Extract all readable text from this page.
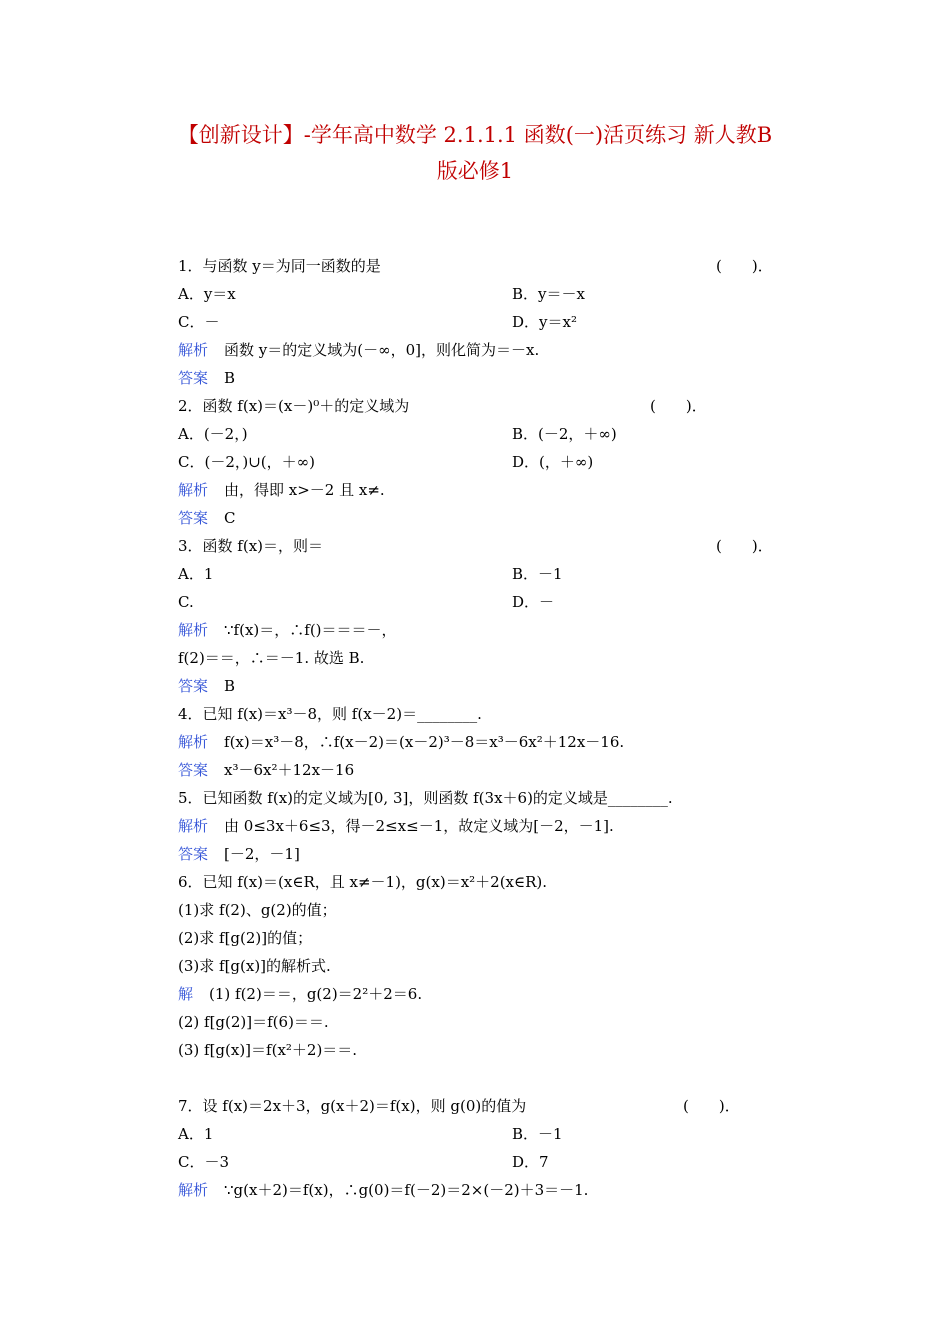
【创新设计】-学年高中数学 2.1.1.1 函数(一)活页练习 新人教B
版必修1
1．与函数 y＝为同一函数的是	(　　)．
A．y＝x	B．y＝－x
C．－	D．y＝x²
解析 函数 y＝的定义域为(－∞，0]，则化简为＝－x.
答案 B
2．函数 f(x)＝(x－)⁰＋的定义域为	(　　)．
A．(－2，)	B．(－2，＋∞)
C．(－2，)∪(，＋∞)	D．(，＋∞)
解析 由，得即 x>－2 且 x≠.
答案 C
3．函数 f(x)＝，则＝	(　　)．
A．1	B．－1
C.	D．－
解析 ∵f(x)＝，∴f()＝＝＝－，
f(2)＝＝，∴＝－1. 故选 B.
答案 B
4．已知 f(x)＝x³－8，则 f(x－2)＝________.
解析 f(x)＝x³－8，∴f(x－2)＝(x－2)³－8＝x³－6x²＋12x－16.
答案 x³－6x²＋12x－16
5．已知函数 f(x)的定义域为[0, 3]，则函数 f(3x＋6)的定义域是________.
解析 由 0≤3x＋6≤3，得－2≤x≤－1，故定义域为[－2，－1].
答案 [－2，－1]
6．已知 f(x)＝(x∈R，且 x≠－1)，g(x)＝x²＋2(x∈R).
(1)求 f(2)、g(2)的值；
(2)求 f[g(2)]的值；
(3)求 f[g(x)]的解析式.
解 (1) f(2)＝＝，g(2)＝2²＋2＝6.
(2) f[g(2)]＝f(6)＝＝.
(3) f[g(x)]＝f(x²＋2)＝＝.
7．设 f(x)＝2x＋3，g(x＋2)＝f(x)，则 g(0)的值为	(　　)．
A．1	B．－1
C．－3	D．7
解析 ∵g(x＋2)＝f(x)，∴g(0)＝f(－2)＝2×(－2)＋3＝－1.
